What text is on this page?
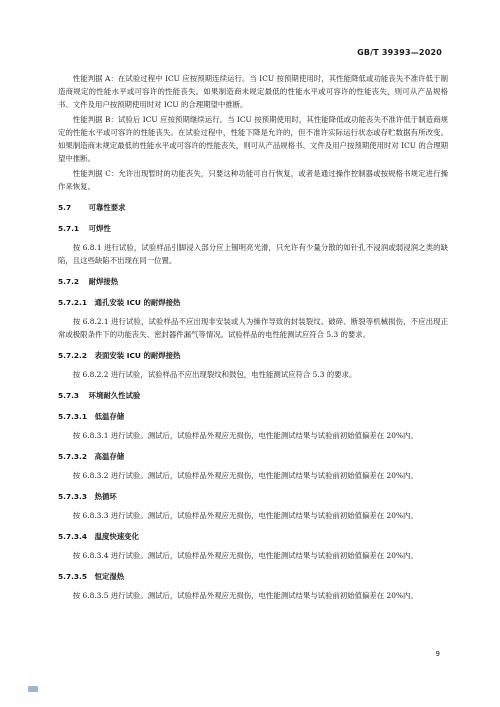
GB/T 39393—2020

性能判据 A：在试验过程中 ICU 应按预期连续运行。当 ICU 按预期使用时，其性能降低或功能丧失不准许低于制造商规定的性能水平或可容许的性能丧失。如果制造商未规定最低的性能水平或可容许的性能丧失，则可从产品规格书、文件及用户按预期使用时对 ICU 的合理期望中推断。

性能判据 B：试验后 ICU 应按预期继续运行。当 ICU 按预期使用时，其性能降低或功能丧失不准许低于制造商规定的性能水平或可容许的性能丧失。在试验过程中，性能下降是允许的，但不准许实际运行状态或存贮数据有所改变。如果制造商未规定最低的性能水平或可容许的性能丧失，则可从产品规格书、文件及用户按预期使用时对 ICU 的合理期望中推断。

性能判据 C：允许出现暂时的功能丧失，只要这种功能可自行恢复，或者是通过操作控制器或按规格书规定进行操作来恢复。

5.7 可靠性要求
5.7.1 可焊性

按 6.8.1 进行试验，试验样品引脚浸入部分应上锡明亮光滑，只允许有少量分散的如针孔不浸润或弱浸润之类的缺陷，且这些缺陷不出现在同一位置。

5.7.2 耐焊接热
5.7.2.1 通孔安装 ICU 的耐焊接热

按 6.8.2.1 进行试验，试验样品不应出现非安装或人为操作导致的封装裂纹、破碎、断裂等机械损伤，不应出现正常或极限条件下的功能丧失、密封器件漏气等情况。试验样品的电性能测试应符合 5.3 的要求。

5.7.2.2 表面安装 ICU 的耐焊接热

按 6.8.2.2 进行试验，试验样品不应出现裂纹和鼓包，电性能测试应符合 5.3 的要求。

5.7.3 环境耐久性试验
5.7.3.1 低温存储

按 6.8.3.1 进行试验。测试后，试验样品外观应无损伤，电性能测试结果与试验前初始值偏差在 20%内。

5.7.3.2 高温存储

按 6.8.3.2 进行试验。测试后，试验样品外观应无损伤，电性能测试结果与试验前初始值偏差在 20%内。

5.7.3.3 热循环

按 6.8.3.3 进行试验。测试后，试验样品外观应无损伤，电性能测试结果与试验前初始值偏差在 20%内。

5.7.3.4 温度快速变化

按 6.8.3.4 进行试验。测试后，试验样品外观应无损伤，电性能测试结果与试验前初始值偏差在 20%内。

5.7.3.5 恒定湿热

按 6.8.3.5 进行试验。测试后，试验样品外观应无损伤，电性能测试结果与试验前初始值偏差在 20%内。

9
